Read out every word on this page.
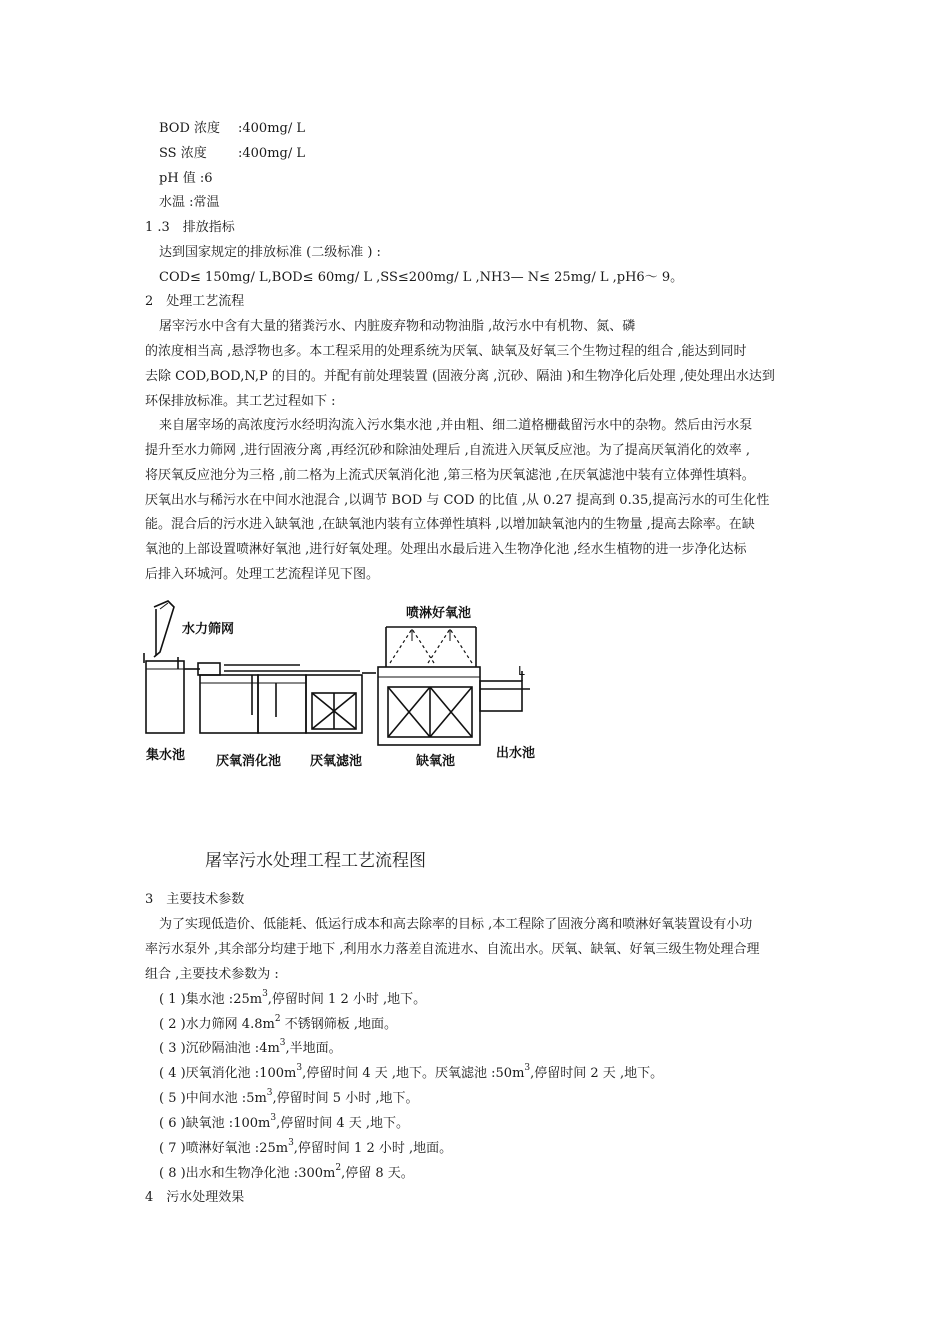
BOD 浓度 :400mg/ L
SS 浓度 :400mg/ L
pH 值 :6
水温 :常温
1 .3　排放指标
达到国家规定的排放标准 (二级标准 ) :
COD≤ 150mg/ L,BOD≤ 60mg/ L ,SS≤200mg/ L ,NH3— N≤ 25mg/ L ,pH6～ 9。
2　处理工艺流程
屠宰污水中含有大量的猪粪污水、内脏废弃物和动物油脂 ,故污水中有机物、氮、磷
的浓度相当高 ,悬浮物也多。本工程采用的处理系统为厌氧、缺氧及好氧三个生物过程的组合 ,能达到同时
去除 COD,BOD,N,P 的目的。并配有前处理装置 (固液分离 ,沉砂、隔油 )和生物净化后处理 ,使处理出水达到
环保排放标准。其工艺过程如下 :
来自屠宰场的高浓度污水经明沟流入污水集水池 ,并由粗、细二道格栅截留污水中的杂物。然后由污水泵
提升至水力筛网 ,进行固液分离 ,再经沉砂和除油处理后 ,自流进入厌氧反应池。为了提高厌氧消化的效率 ,
将厌氧反应池分为三格 ,前二格为上流式厌氧消化池 ,第三格为厌氧滤池 ,在厌氧滤池中装有立体弹性填料。
厌氧出水与稀污水在中间水池混合 ,以调节 BOD 与 COD 的比值 ,从 0.27 提高到 0.35,提高污水的可生化性
能。混合后的污水进入缺氧池 ,在缺氧池内装有立体弹性填料 ,以增加缺氧池内的生物量 ,提高去除率。在缺
氧池的上部设置喷淋好氧池 ,进行好氧处理。处理出水最后进入生物净化池 ,经水生植物的进一步净化达标
后排入环城河。处理工艺流程详见下图。
水力筛网
喷淋好氧池
L
集水池 厌氧消化池 厌氧滤池	缺氧池
出水池
屠宰污水处理工程工艺流程图
3　主要技术参数
为了实现低造价、低能耗、低运行成本和高去除率的目标 ,本工程除了固液分离和喷淋好氧装置设有小功
率污水泵外 ,其余部分均建于地下 ,利用水力落差自流进水、自流出水。厌氧、缺氧、好氧三级生物处理合理
组合 ,主要技术参数为 :
( 1 )集水池 $:25m^3$,停留时间 1 2 小时 ,地下。
( 2 )水力筛网 $4.8m^2$ 不锈钢筛板 ,地面。
( 3 )沉砂隔油池 $:4m^3$,半地面。
( 4 )厌氧消化池 $:100m^3$,停留时间 4 天 ,地下。厌氧滤池 $:50m^3$,停留时间 2 天 ,地下。
( 5 )中间水池 $:5m^3$,停留时间 5 小时 ,地下。
( 6 )缺氧池 $:100m^3$,停留时间 4 天 ,地下。
( 7 )喷淋好氧池 $:25m^3$,停留时间 1 2 小时 ,地面。
( 8 )出水和生物净化池 $:300m^2$,停留 8 天。
4　污水处理效果
